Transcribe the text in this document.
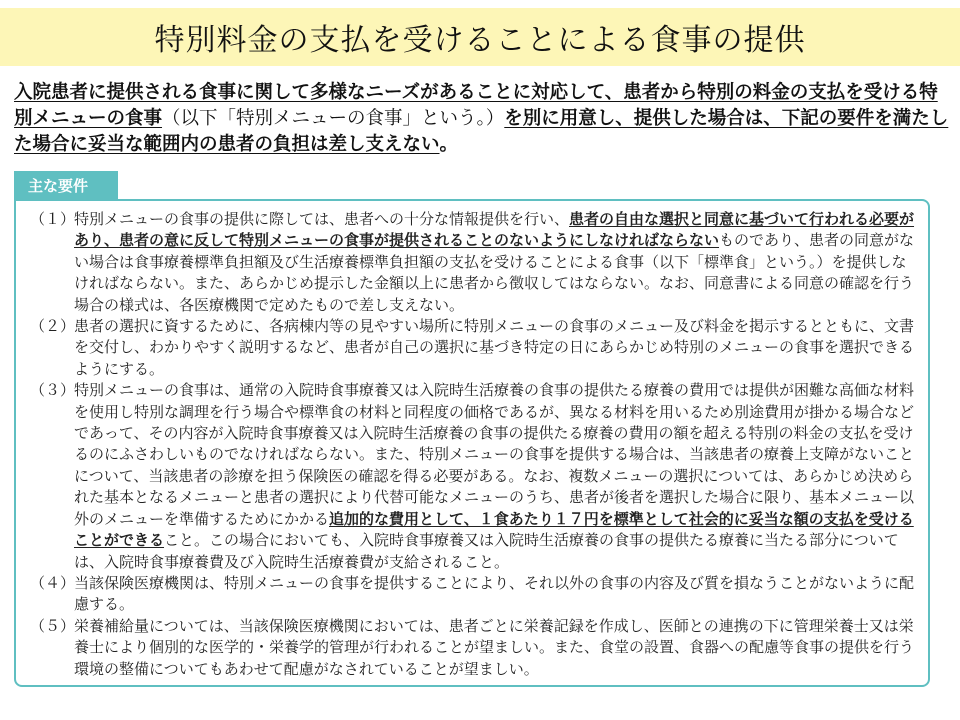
特別料金の支払を受けることによる食事の提供

入院患者に提供される食事に関して多様なニーズがあることに対応して、患者から特別の料金の支払を受ける特別メニューの食事（以下「特別メニューの食事」という。）を別に用意し、提供した場合は、下記の要件を満たした場合に妥当な範囲内の患者の負担は差し支えない。

主な要件
（１）
特別メニューの食事の提供に際しては、患者への十分な情報提供を行い、患者の自由な選択と同意に基づいて行われる必要があり、患者の意に反して特別メニューの食事が提供されることのないようにしなければならないものであり、患者の同意がない場合は食事療養標準負担額及び生活療養標準負担額の支払を受けることによる食事（以下「標準食」という。）を提供しなければならない。また、あらかじめ提示した金額以上に患者から徴収してはならない。なお、同意書による同意の確認を行う場合の様式は、各医療機関で定めたもので差し支えない。
（２）
患者の選択に資するために、各病棟内等の見やすい場所に特別メニューの食事のメニュー及び料金を掲示するとともに、文書を交付し、わかりやすく説明するなど、患者が自己の選択に基づき特定の日にあらかじめ特別のメニューの食事を選択できるようにする。
（３）
特別メニューの食事は、通常の入院時食事療養又は入院時生活療養の食事の提供たる療養の費用では提供が困難な高価な材料を使用し特別な調理を行う場合や標準食の材料と同程度の価格であるが、異なる材料を用いるため別途費用が掛かる場合などであって、その内容が入院時食事療養又は入院時生活療養の食事の提供たる療養の費用の額を超える特別の料金の支払を受けるのにふさわしいものでなければならない。また、特別メニューの食事を提供する場合は、当該患者の療養上支障がないことについて、当該患者の診療を担う保険医の確認を得る必要がある。なお、複数メニューの選択については、あらかじめ決められた基本となるメニューと患者の選択により代替可能なメニューのうち、患者が後者を選択した場合に限り、基本メニュー以外のメニューを準備するためにかかる追加的な費用として、１食あたり１７円を標準として社会的に妥当な額の支払を受けることができること。この場合においても、入院時食事療養又は入院時生活療養の食事の提供たる療養に当たる部分については、入院時食事療養費及び入院時生活療養費が支給されること。
（４）
当該保険医療機関は、特別メニューの食事を提供することにより、それ以外の食事の内容及び質を損なうことがないように配慮する。
（５）
栄養補給量については、当該保険医療機関においては、患者ごとに栄養記録を作成し、医師との連携の下に管理栄養士又は栄養士により個別的な医学的・栄養学的管理が行われることが望ましい。また、食堂の設置、食器への配慮等食事の提供を行う環境の整備についてもあわせて配慮がなされていることが望ましい。
